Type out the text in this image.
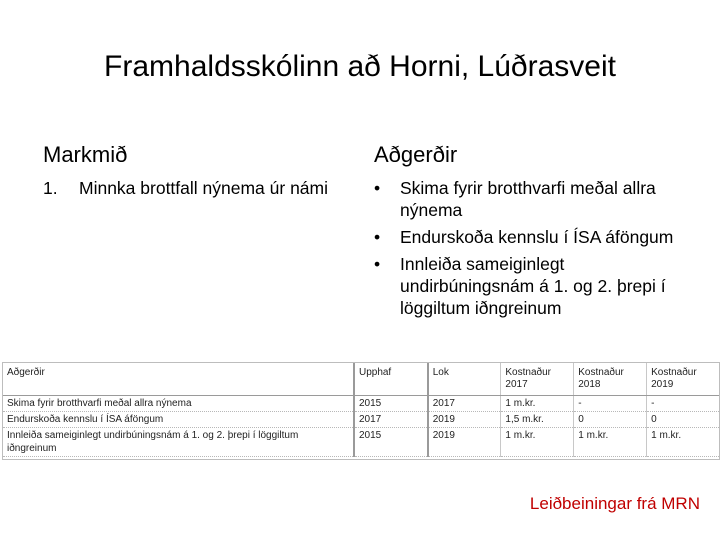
Framhaldsskólinn að Horni, Lúðrasveit
Markmið	Aðgerðir
1. Minnka brottfall nýnema úr námi	• Skima fyrir brotthvarfi meðal allra nýnema
• Endurskoða kennslu í ÍSA áföngum
• Innleiða sameiginlegt undirbúningsnám á 1. og 2. þrepi í löggiltum iðngreinum
Aðgerðir	Upphaf	Lok	Kostnaður 2017	Kostnaður 2018	Kostnaður 2019
Skima fyrir brotthvarfi meðal allra nýnema	2015	2017	1 m.kr.	-	-
Endurskoða kennslu í ÍSA áföngum	2017	2019	1,5 m.kr.	0	0
Innleiða sameiginlegt undirbúningsnám á 1. og 2. þrepi í löggiltum iðngreinum	2015	2019	1 m.kr.	1 m.kr.	1 m.kr.
Leiðbeiningar frá MRN
